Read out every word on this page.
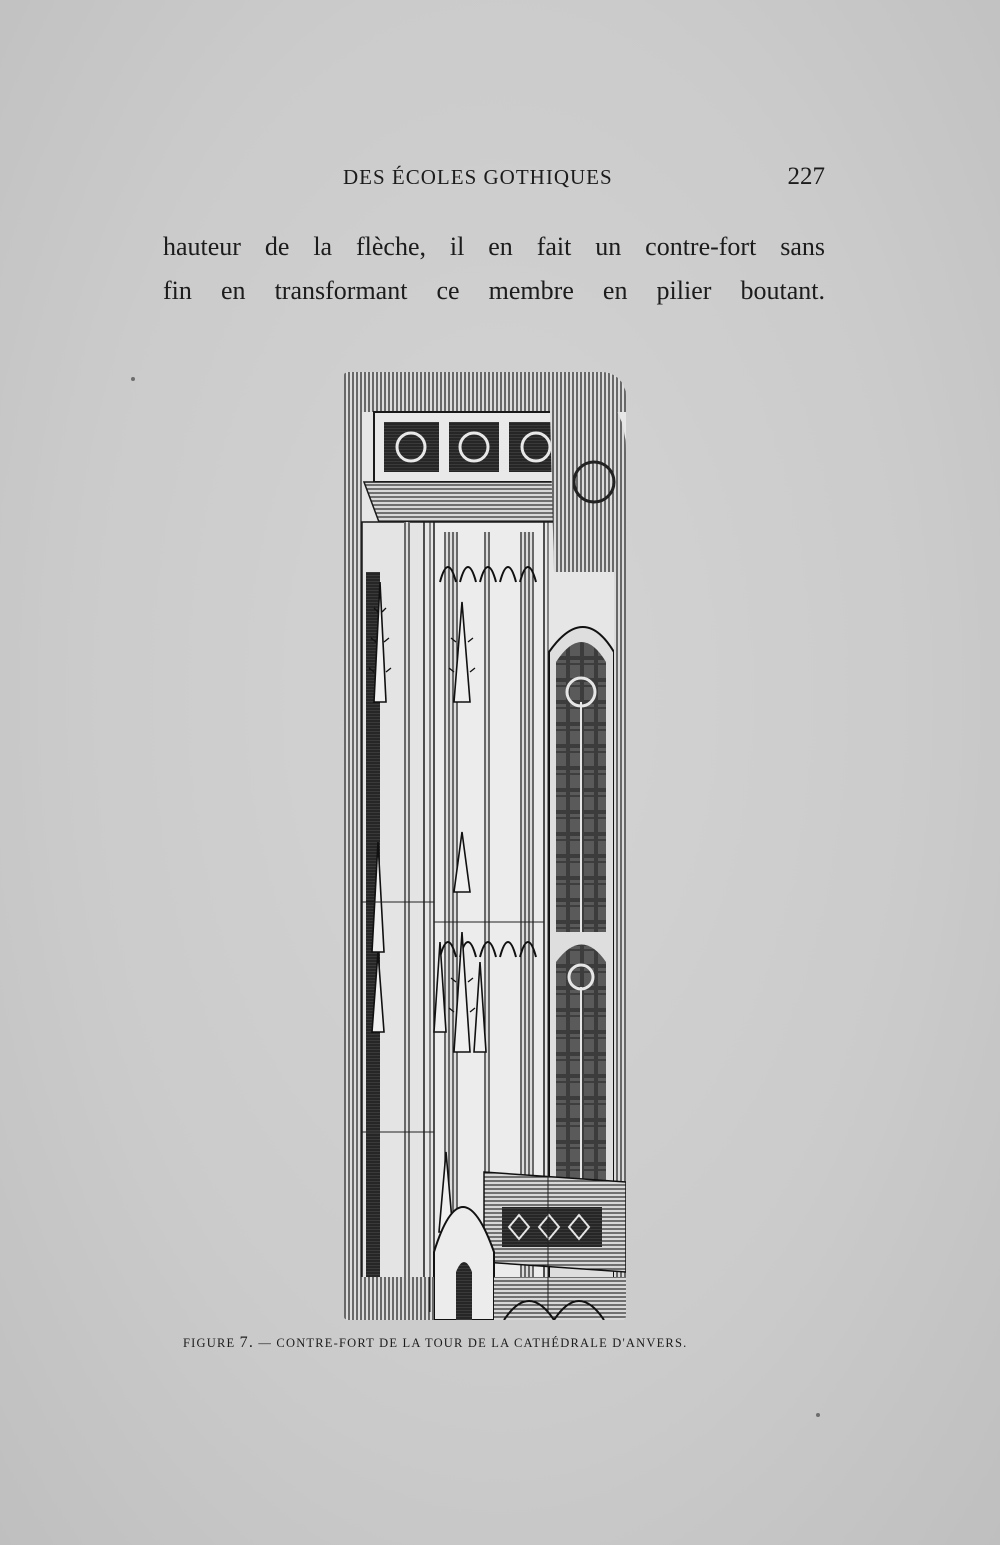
DES ÉCOLES GOTHIQUES	227
hauteur de la flèche, il en fait un contre-fort sans
fin en transformant ce membre en pilier boutant.
FIGURE 7. — CONTRE-FORT DE LA TOUR DE LA CATHÉDRALE D'ANVERS.
